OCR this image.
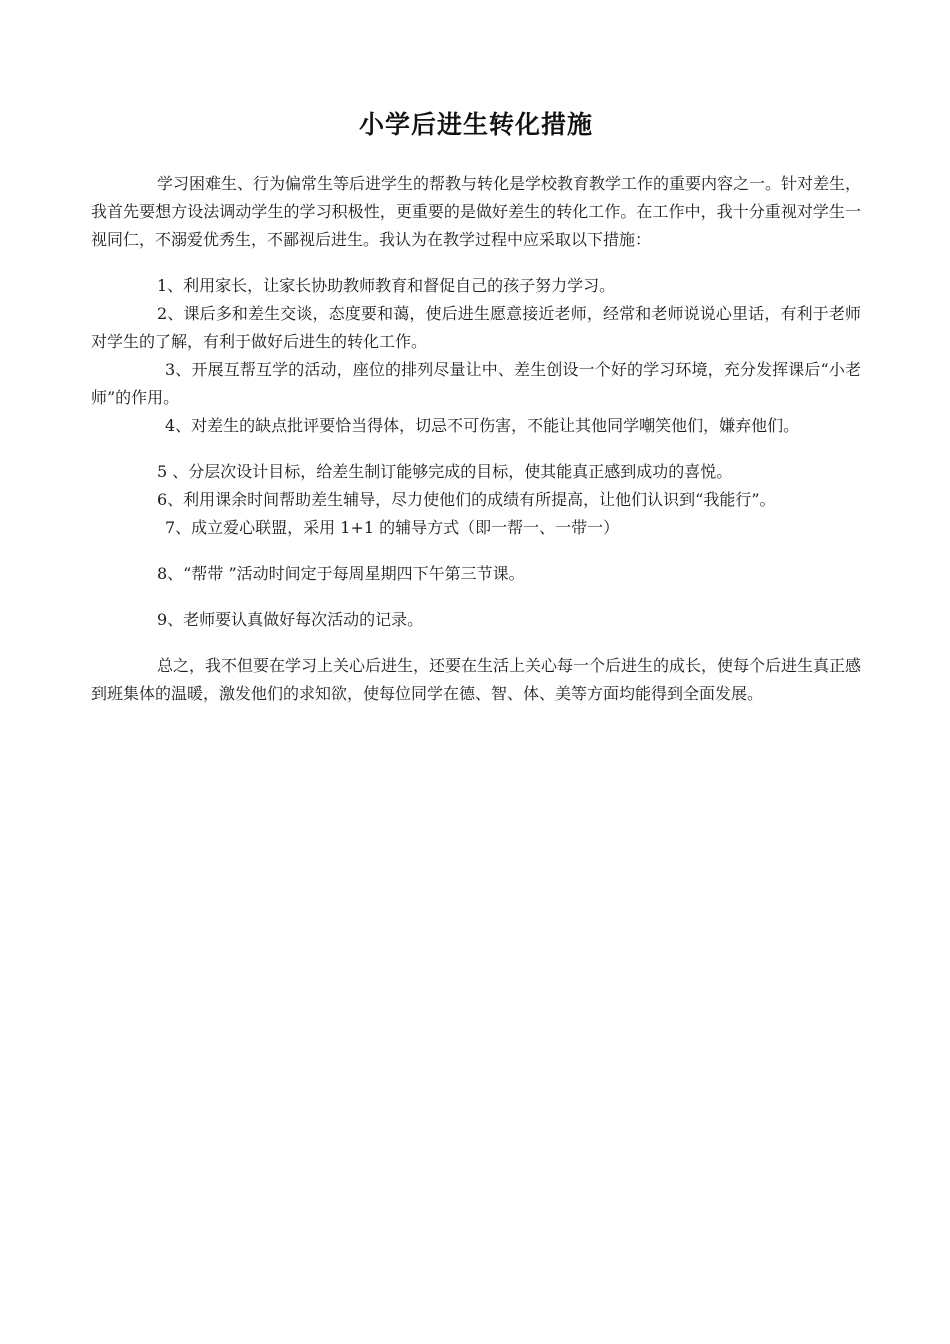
小学后进生转化措施

学习困难生、行为偏常生等后进学生的帮教与转化是学校教育教学工作的重要内容之一。针对差生，我首先要想方设法调动学生的学习积极性，更重要的是做好差生的转化工作。在工作中，我十分重视对学生一视同仁，不溺爱优秀生，不鄙视后进生。我认为在教学过程中应采取以下措施：

1、利用家长，让家长协助教师教育和督促自己的孩子努力学习。

2、课后多和差生交谈，态度要和蔼，使后进生愿意接近老师，经常和老师说说心里话，有利于老师对学生的了解，有利于做好后进生的转化工作。

3、开展互帮互学的活动，座位的排列尽量让中、差生创设一个好的学习环境，充分发挥课后“小老师”的作用。

4、对差生的缺点批评要恰当得体，切忌不可伤害，不能让其他同学嘲笑他们，嫌弃他们。

5 、分层次设计目标，给差生制订能够完成的目标，使其能真正感到成功的喜悦。

6、利用课余时间帮助差生辅导，尽力使他们的成绩有所提高，让他们认识到“我能行”。

7、成立爱心联盟，采用 1+1 的辅导方式（即一帮一、一带一）

8、“帮带 ”活动时间定于每周星期四下午第三节课。

9、老师要认真做好每次活动的记录。

总之，我不但要在学习上关心后进生，还要在生活上关心每一个后进生的成长，使每个后进生真正感到班集体的温暖，激发他们的求知欲，使每位同学在德、智、体、美等方面均能得到全面发展。
